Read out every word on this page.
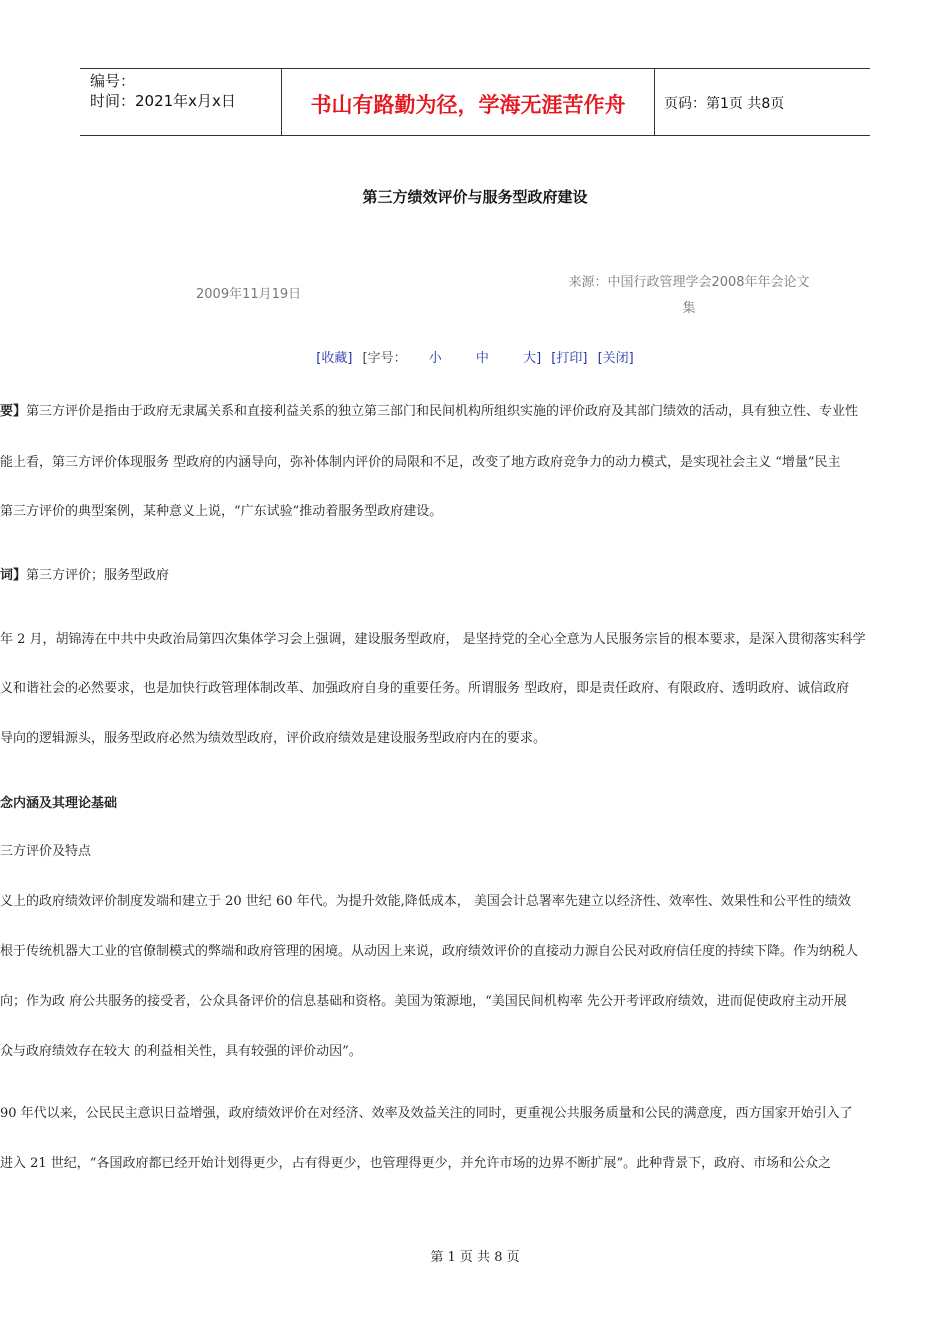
编号：
时间：2021年x月x日	书山有路勤为径，学海无涯苦作舟	页码：第1页 共8页
第三方绩效评价与服务型政府建设
2009年11月19日
来源：中国行政管理学会2008年年会论文
集
[收藏] [字号： 小	中	大] [打印] [关闭]
要】第三方评价是指由于政府无隶属关系和直接利益关系的独立第三部门和民间机构所组织实施的评价政府及其部门绩效的活动，具有独立性、专业性
能上看，第三方评价体现服务 型政府的内涵导向，弥补体制内评价的局限和不足，改变了地方政府竞争力的动力模式，是实现社会主义 “增量”民主
第三方评价的典型案例，某种意义上说，“广东试验”推动着服务型政府建设。
词】第三方评价；服务型政府
年 2 月，胡锦涛在中共中央政治局第四次集体学习会上强调，建设服务型政府， 是坚持党的全心全意为人民服务宗旨的根本要求，是深入贯彻落实科学
义和谐社会的必然要求，也是加快行政管理体制改革、加强政府自身的重要任务。所谓服务 型政府，即是责任政府、有限政府、透明政府、诚信政府
导向的逻辑源头，服务型政府必然为绩效型政府，评价政府绩效是建设服务型政府内在的要求。
念内涵及其理论基础
三方评价及特点
义上的政府绩效评价制度发端和建立于 20 世纪 60 年代。为提升效能,降低成本， 美国会计总署率先建立以经济性、效率性、效果性和公平性的绩效
根于传统机器大工业的官僚制模式的弊端和政府管理的困境。从动因上来说，政府绩效评价的直接动力源自公民对政府信任度的持续下降。作为纳税人
向；作为政 府公共服务的接受者，公众具备评价的信息基础和资格。美国为策源地，“美国民间机构率 先公开考评政府绩效，进而促使政府主动开展
众与政府绩效存在较大 的利益相关性，具有较强的评价动因”。
90 年代以来，公民民主意识日益增强，政府绩效评价在对经济、效率及效益关注的同时，更重视公共服务质量和公民的满意度，西方国家开始引入了
进入 21 世纪，“各国政府都已经开始计划得更少，占有得更少，也管理得更少，并允许市场的边界不断扩展”。此种背景下，政府、市场和公众之
第 1 页 共 8 页
